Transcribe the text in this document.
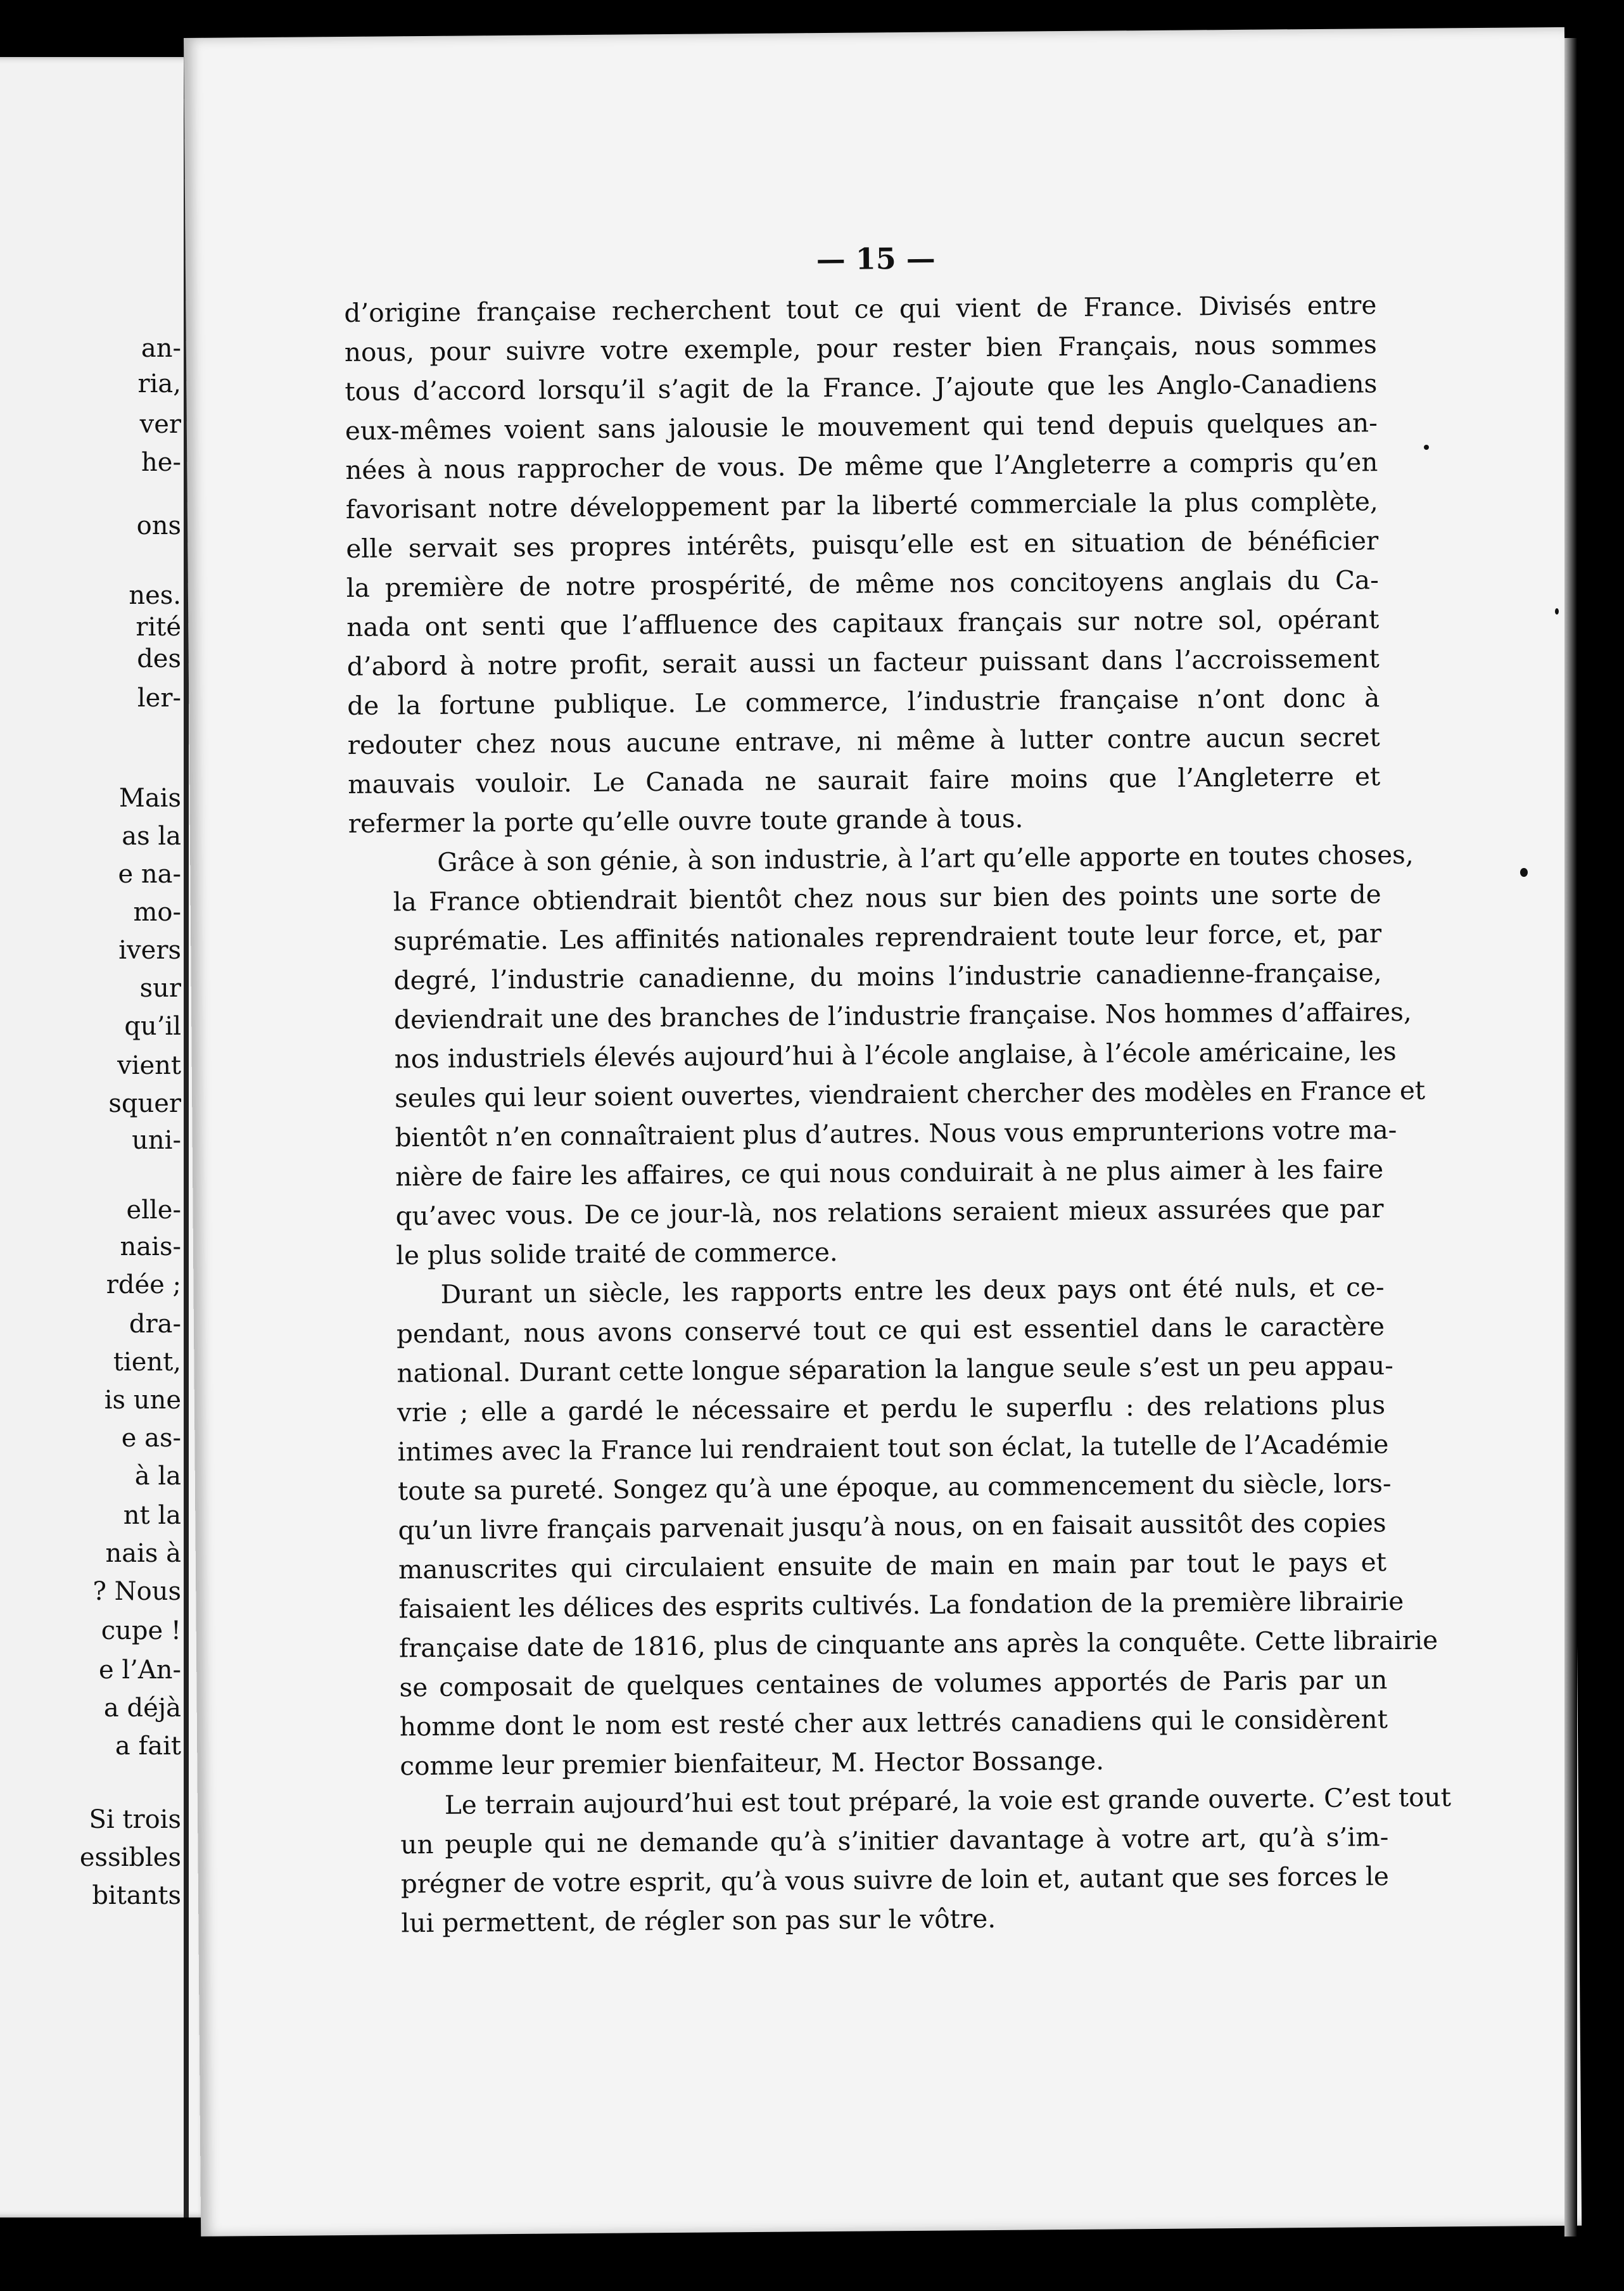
an-
ria,
ver
he-
ons
nes.
rité
des
ler-
Mais
as la
e na-
mo-
ivers
sur
qu’il
vient
squer
uni-
elle-
nais-
rdée ;
dra-
tient,
is une
e as-
à la
nt la
nais à
? Nous
cupe !
e l’An-
a déjà
a fait
Si trois
essibles
bitants
— 15 —
d’origine française recherchent tout ce qui vient de France. Divisés entre
nous, pour suivre votre exemple, pour rester bien Français, nous sommes
tous d’accord lorsqu’il s’agit de la France. J’ajoute que les Anglo-Canadiens
eux-mêmes voient sans jalousie le mouvement qui tend depuis quelques an-
nées à nous rapprocher de vous. De même que l’Angleterre a compris qu’en
favorisant notre développement par la liberté commerciale la plus complète,
elle servait ses propres intérêts, puisqu’elle est en situation de bénéficier
la première de notre prospérité, de même nos concitoyens anglais du Ca-
nada ont senti que l’affluence des capitaux français sur notre sol, opérant
d’abord à notre profit, serait aussi un facteur puissant dans l’accroissement
de la fortune publique. Le commerce, l’industrie française n’ont donc à
redouter chez nous aucune entrave, ni même à lutter contre aucun secret
mauvais vouloir. Le Canada ne saurait faire moins que l’Angleterre et
refermer la porte qu’elle ouvre toute grande à tous.
Grâce à son génie, à son industrie, à l’art qu’elle apporte en toutes choses,
la France obtiendrait bientôt chez nous sur bien des points une sorte de
suprématie. Les affinités nationales reprendraient toute leur force, et, par
degré, l’industrie canadienne, du moins l’industrie canadienne-française,
deviendrait une des branches de l’industrie française. Nos hommes d’affaires,
nos industriels élevés aujourd’hui à l’école anglaise, à l’école américaine, les
seules qui leur soient ouvertes, viendraient chercher des modèles en France et
bientôt n’en connaîtraient plus d’autres. Nous vous emprunterions votre ma-
nière de faire les affaires, ce qui nous conduirait à ne plus aimer à les faire
qu’avec vous. De ce jour-là, nos relations seraient mieux assurées que par
le plus solide traité de commerce.
Durant un siècle, les rapports entre les deux pays ont été nuls, et ce-
pendant, nous avons conservé tout ce qui est essentiel dans le caractère
national. Durant cette longue séparation la langue seule s’est un peu appau-
vrie ; elle a gardé le nécessaire et perdu le superflu : des relations plus
intimes avec la France lui rendraient tout son éclat, la tutelle de l’Académie
toute sa pureté. Songez qu’à une époque, au commencement du siècle, lors-
qu’un livre français parvenait jusqu’à nous, on en faisait aussitôt des copies
manuscrites qui circulaient ensuite de main en main par tout le pays et
faisaient les délices des esprits cultivés. La fondation de la première librairie
française date de 1816, plus de cinquante ans après la conquête. Cette librairie
se composait de quelques centaines de volumes apportés de Paris par un
homme dont le nom est resté cher aux lettrés canadiens qui le considèrent
comme leur premier bienfaiteur, M. Hector Bossange.
Le terrain aujourd’hui est tout préparé, la voie est grande ouverte. C’est tout
un peuple qui ne demande qu’à s’initier davantage à votre art, qu’à s’im-
prégner de votre esprit, qu’à vous suivre de loin et, autant que ses forces le
lui permettent, de régler son pas sur le vôtre.
